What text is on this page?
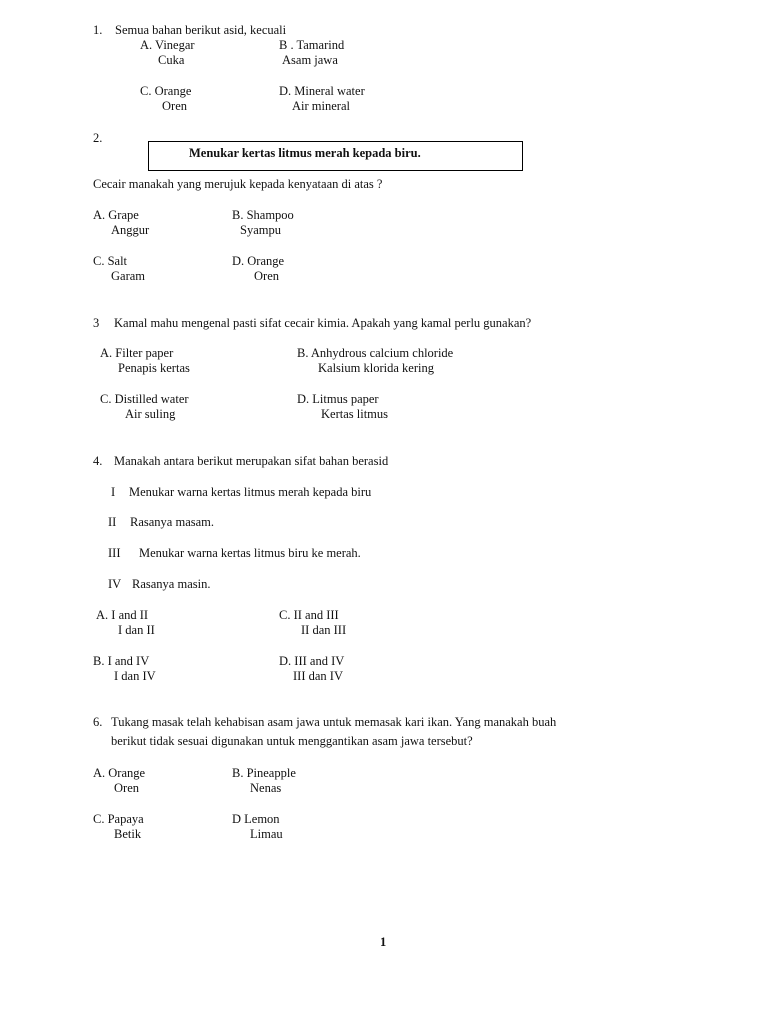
1. Semua bahan berikut asid, kecuali
A. Vinegar
Cuka
B . Tamarind
Asam jawa
C. Orange
Oren
D. Mineral water
Air mineral
2.
Menukar kertas litmus merah kepada biru.
Cecair manakah yang merujuk kepada kenyataan di atas ?
A. Grape
Anggur
B. Shampoo
Syampu
C. Salt
Garam
D. Orange
Oren
3 Kamal mahu mengenal pasti sifat cecair kimia. Apakah yang kamal perlu gunakan?
A. Filter paper
Penapis kertas
B. Anhydrous calcium chloride
Kalsium klorida kering
C. Distilled water
Air suling
D. Litmus paper
Kertas litmus
4. Manakah antara berikut merupakan sifat bahan berasid
I Menukar warna kertas litmus merah kepada biru
II Rasanya masam.
III Menukar warna kertas litmus biru ke merah.
IV Rasanya masin.
A. I and II
I dan II
C. II and III
II dan III
B. I and IV
I dan IV
D. III and IV
III dan IV
6. Tukang masak telah kehabisan asam jawa untuk memasak kari ikan. Yang manakah buah
berikut tidak sesuai digunakan untuk menggantikan asam jawa tersebut?
A. Orange
Oren
B. Pineapple
Nenas
C. Papaya
Betik
D Lemon
Limau
1
